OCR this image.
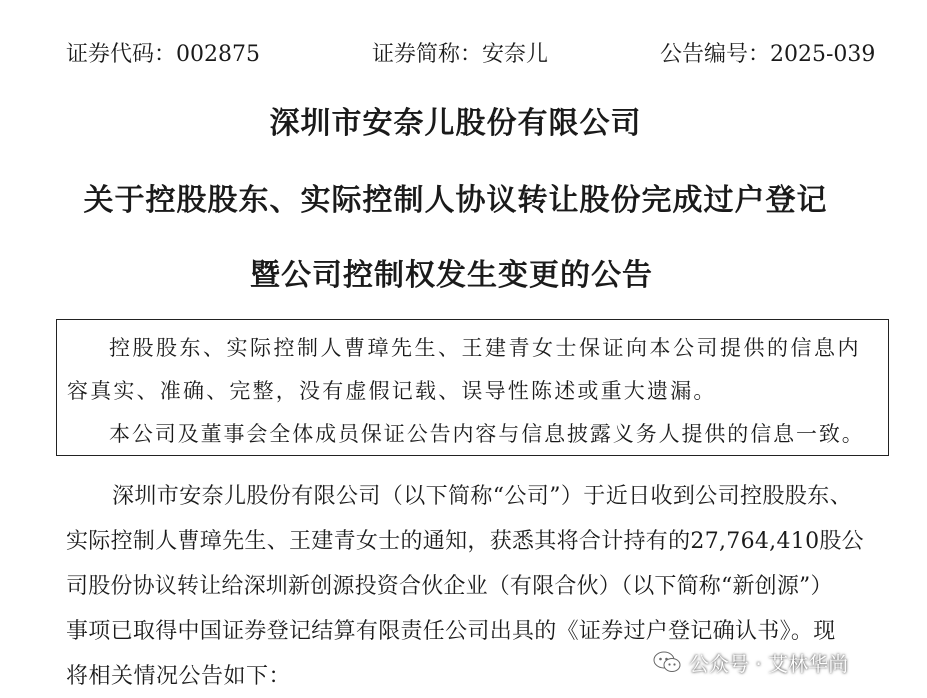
证券代码：002875	证券简称：安奈儿	公告编号：2025-039
深圳市安奈儿股份有限公司
关于控股股东、实际控制人协议转让股份完成过户登记
暨公司控制权发生变更的公告
控股股东、实际控制人曹璋先生、王建青女士保证向本公司提供的信息内
容真实、准确、完整，没有虚假记载、误导性陈述或重大遗漏。
本公司及董事会全体成员保证公告内容与信息披露义务人提供的信息一致。
深圳市安奈儿股份有限公司（以下简称“公司”）于近日收到公司控股股东、
实际控制人曹璋先生、王建青女士的通知，获悉其将合计持有的27,764,410股公
司股份协议转让给深圳新创源投资合伙企业（有限合伙）（以下简称“新创源”）
事项已取得中国证券登记结算有限责任公司出具的《证券过户登记确认书》。现
将相关情况公告如下：
公众号 · 艾林华尚
